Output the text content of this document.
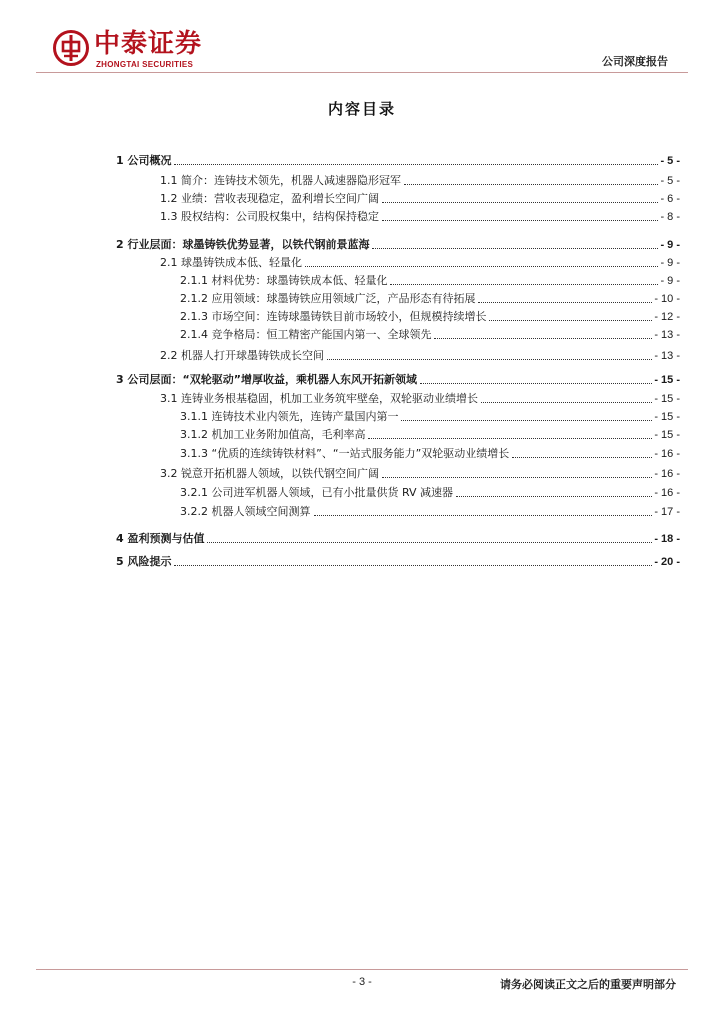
中泰证券
ZHONGTAI SECURITIES	公司深度报告
内容目录
1 公司概况	- 5 -
1.1 简介：连铸技术领先，机器人减速器隐形冠军	- 5 -
1.2 业绩：营收表现稳定，盈利增长空间广阔	- 6 -
1.3 股权结构：公司股权集中，结构保持稳定	- 8 -
2 行业层面：球墨铸铁优势显著，以铁代钢前景蓝海	- 9 -
2.1 球墨铸铁成本低、轻量化	- 9 -
2.1.1 材料优势：球墨铸铁成本低、轻量化	- 9 -
2.1.2 应用领域：球墨铸铁应用领域广泛，产品形态有待拓展	- 10 -
2.1.3 市场空间：连铸球墨铸铁目前市场较小，但规模持续增长	- 12 -
2.1.4 竞争格局：恒工精密产能国内第一、全球领先	- 13 -
2.2 机器人打开球墨铸铁成长空间	- 13 -
3 公司层面：“双轮驱动”增厚收益，乘机器人东风开拓新领域	- 15 -
3.1 连铸业务根基稳固，机加工业务筑牢壁垒，双轮驱动业绩增长	- 15 -
3.1.1 连铸技术业内领先，连铸产量国内第一	- 15 -
3.1.2 机加工业务附加值高，毛利率高	- 15 -
3.1.3 “优质的连续铸铁材料”、“一站式服务能力”双轮驱动业绩增长	- 16 -
3.2 锐意开拓机器人领域，以铁代钢空间广阔	- 16 -
3.2.1 公司进军机器人领域，已有小批量供货 RV 减速器	- 16 -
3.2.2 机器人领域空间测算	- 17 -
4 盈利预测与估值	- 18 -
5 风险提示	- 20 -
- 3 -	请务必阅读正文之后的重要声明部分
